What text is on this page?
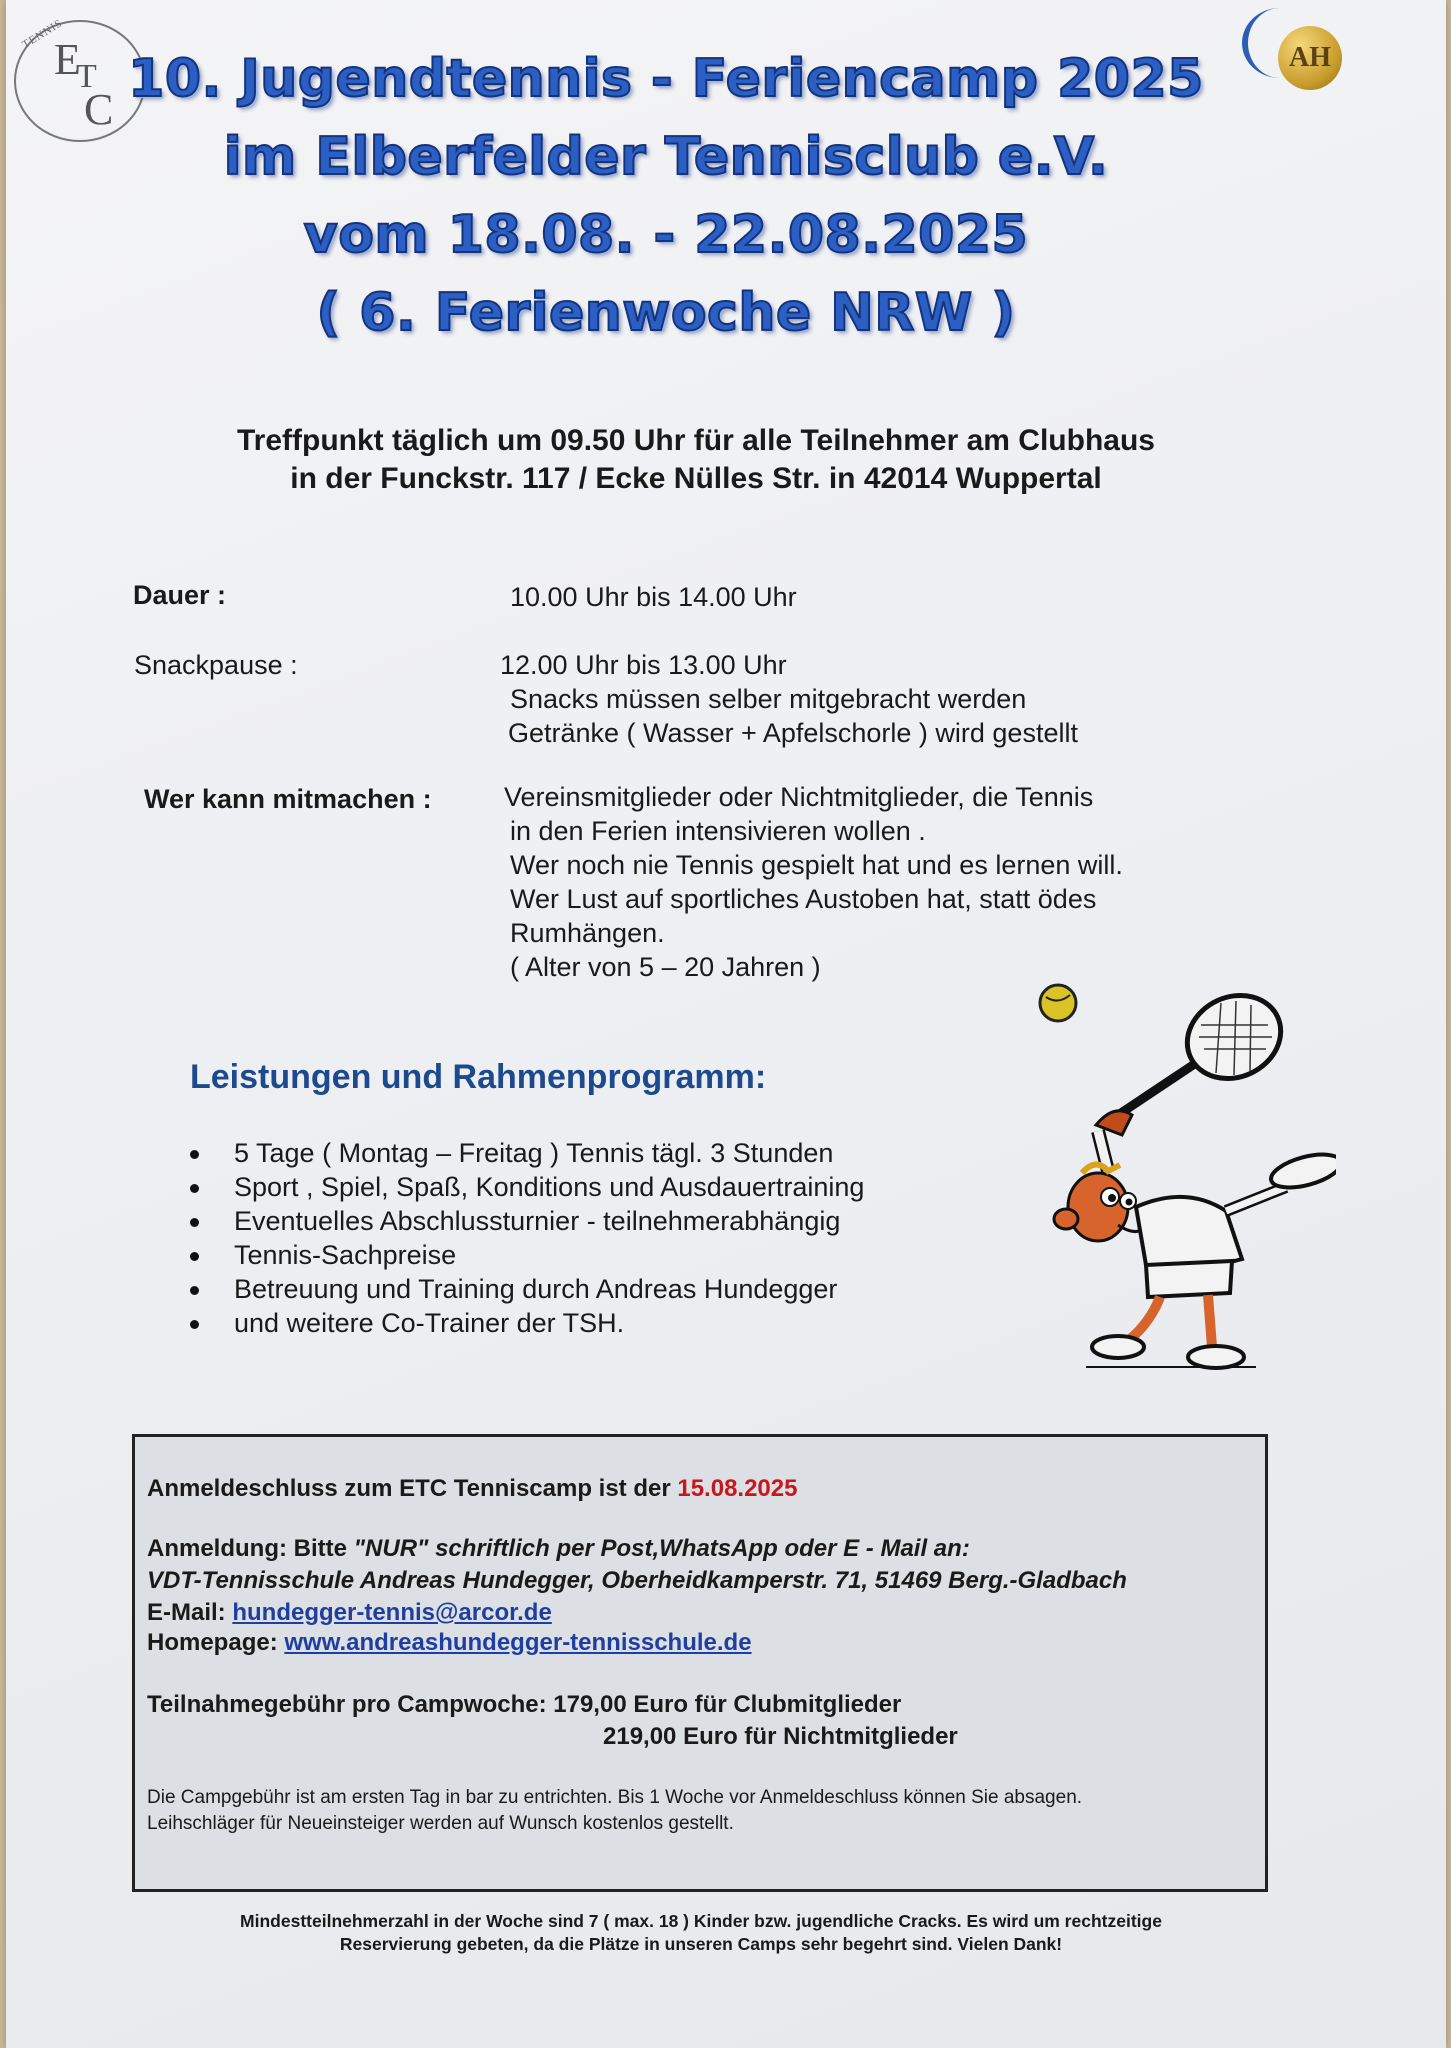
TENNIS
E
T
C
AH
10. Jugendtennis - Feriencamp 2025
im Elberfelder Tennisclub e.V.
vom 18.08. - 22.08.2025
( 6. Ferienwoche NRW )
Treffpunkt täglich um 09.50 Uhr für alle Teilnehmer am Clubhaus
in der Funckstr. 117 / Ecke Nülles Str. in 42014 Wuppertal
Dauer :	10.00 Uhr bis 14.00 Uhr
Snackpause :	12.00 Uhr bis 13.00 Uhr
Snacks müssen selber mitgebracht werden
Getränke ( Wasser + Apfelschorle ) wird gestellt
Wer kann mitmachen :	Vereinsmitglieder oder Nichtmitglieder, die Tennis
in den Ferien intensivieren wollen .
Wer noch nie Tennis gespielt hat und es lernen will.
Wer Lust auf sportliches Austoben hat, statt ödes
Rumhängen.
( Alter von 5 – 20 Jahren )
Leistungen und Rahmenprogramm:
5 Tage ( Montag – Freitag ) Tennis tägl. 3 Stunden
Sport , Spiel, Spaß, Konditions und Ausdauertraining
Eventuelles Abschlussturnier - teilnehmerabhängig
Tennis-Sachpreise
Betreuung und Training durch Andreas Hundegger
und weitere Co-Trainer der TSH.
Anmeldeschluss zum ETC Tenniscamp ist der 15.08.2025
Anmeldung: Bitte "NUR" schriftlich per Post,WhatsApp oder E - Mail an:
VDT-Tennisschule Andreas Hundegger, Oberheidkamperstr. 71, 51469 Berg.-Gladbach
E-Mail: hundegger-tennis@arcor.de
Homepage: www.andreashundegger-tennisschule.de
Teilnahmegebühr pro Campwoche: 179,00 Euro für Clubmitglieder
219,00 Euro für Nichtmitglieder
Die Campgebühr ist am ersten Tag in bar zu entrichten. Bis 1 Woche vor Anmeldeschluss können Sie absagen.
Leihschläger für Neueinsteiger werden auf Wunsch kostenlos gestellt.
Mindestteilnehmerzahl in der Woche sind 7 ( max. 18 ) Kinder bzw. jugendliche Cracks. Es wird um rechtzeitige
Reservierung gebeten, da die Plätze in unseren Camps sehr begehrt sind. Vielen Dank!
